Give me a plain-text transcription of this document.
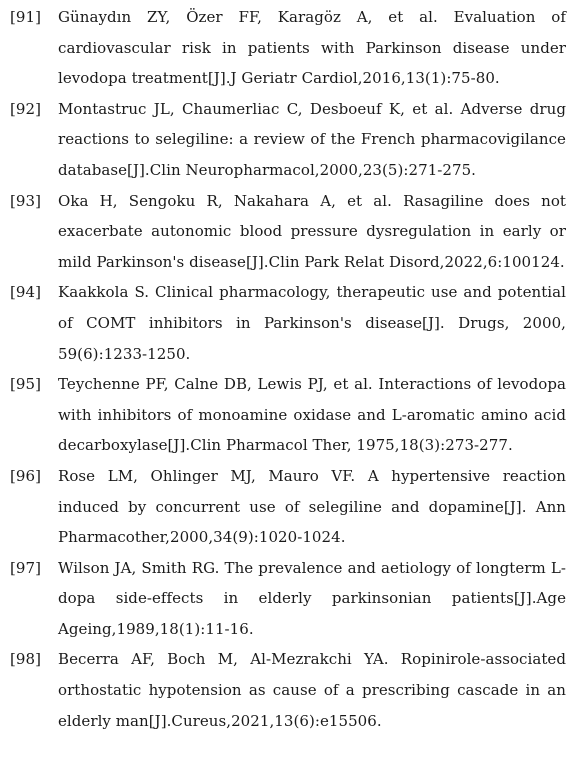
[91] Günaydın ZY, Özer FF, Karagöz A, et al. Evaluation of cardiovascular risk in patients with Parkinson disease under levodopa treatment[J].J Geriatr Cardiol,2016,13(1):75-80.
[92] Montastruc JL, Chaumerliac C, Desboeuf K, et al. Adverse drug reactions to selegiline: a review of the French pharmacovigilance database[J].Clin Neuropharmacol,2000,23(5):271-275.
[93] Oka H, Sengoku R, Nakahara A, et al. Rasagiline does not exacerbate autonomic blood pressure dysregulation in early or mild Parkinson's disease[J].Clin Park Relat Disord,2022,6:100124.
[94] Kaakkola S. Clinical pharmacology, therapeutic use and potential of COMT inhibitors in Parkinson's disease[J]. Drugs, 2000, 59(6):1233-1250.
[95] Teychenne PF, Calne DB, Lewis PJ, et al. Interactions of levodopa with inhibitors of monoamine oxidase and L-aromatic amino acid decarboxylase[J].Clin Pharmacol Ther, 1975,18(3):273-277.
[96] Rose LM, Ohlinger MJ, Mauro VF. A hypertensive reaction induced by concurrent use of selegiline and dopamine[J]. Ann Pharmacother,2000,34(9):1020-1024.
[97] Wilson JA, Smith RG. The prevalence and aetiology of longterm L-dopa side-effects in elderly parkinsonian patients[J].Age Ageing,1989,18(1):11-16.
[98] Becerra AF, Boch M, Al-Mezrakchi YA. Ropinirole-associated orthostatic hypotension as cause of a prescribing cascade in an elderly man[J].Cureus,2021,13(6):e15506.
